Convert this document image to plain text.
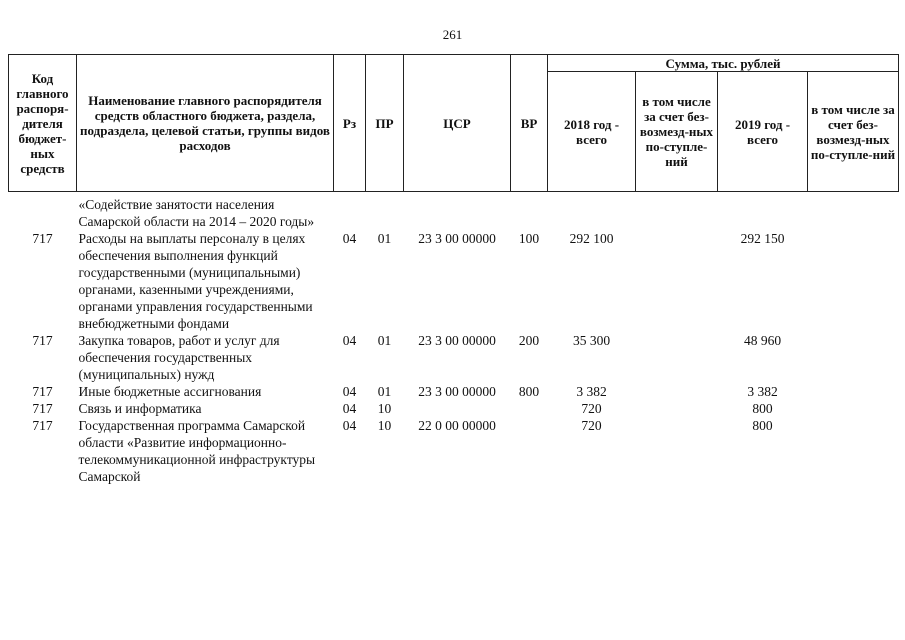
261
Код главного распоря-дителя бюджет-ных средств	Наименование главного распорядителя средств областного бюджета, раздела, подраздела, целевой статьи, группы видов расходов	Рз	ПР	ЦСР	ВР	Сумма, тыс. рублей			
						2018 год - всего	в том числе за счет без-возмезд-ных по-ступле-ний	2019 год - всего	в том числе за счет без-возмезд-ных по-ступле-ний
	«Содействие занятости населения Самарской области на 2014 – 2020 годы»								
717	Расходы на выплаты персоналу в целях обеспечения выполнения функций государственными (муниципальными) органами, казенными учреждениями, органами управления государственными внебюджетными фондами	04	01	23 3 00 00000	100	292 100		292 150	
717	Закупка товаров, работ и услуг для обеспечения государственных (муниципальных) нужд	04	01	23 3 00 00000	200	35 300		48 960	
717	Иные бюджетные ассигнования	04	01	23 3 00 00000	800	3 382		3 382	
717	Связь и информатика	04	10			720		800	
717	Государственная программа Самарской области «Развитие информационно-телекоммуникационной инфраструктуры Самарской	04	10	22 0 00 00000		720		800	
